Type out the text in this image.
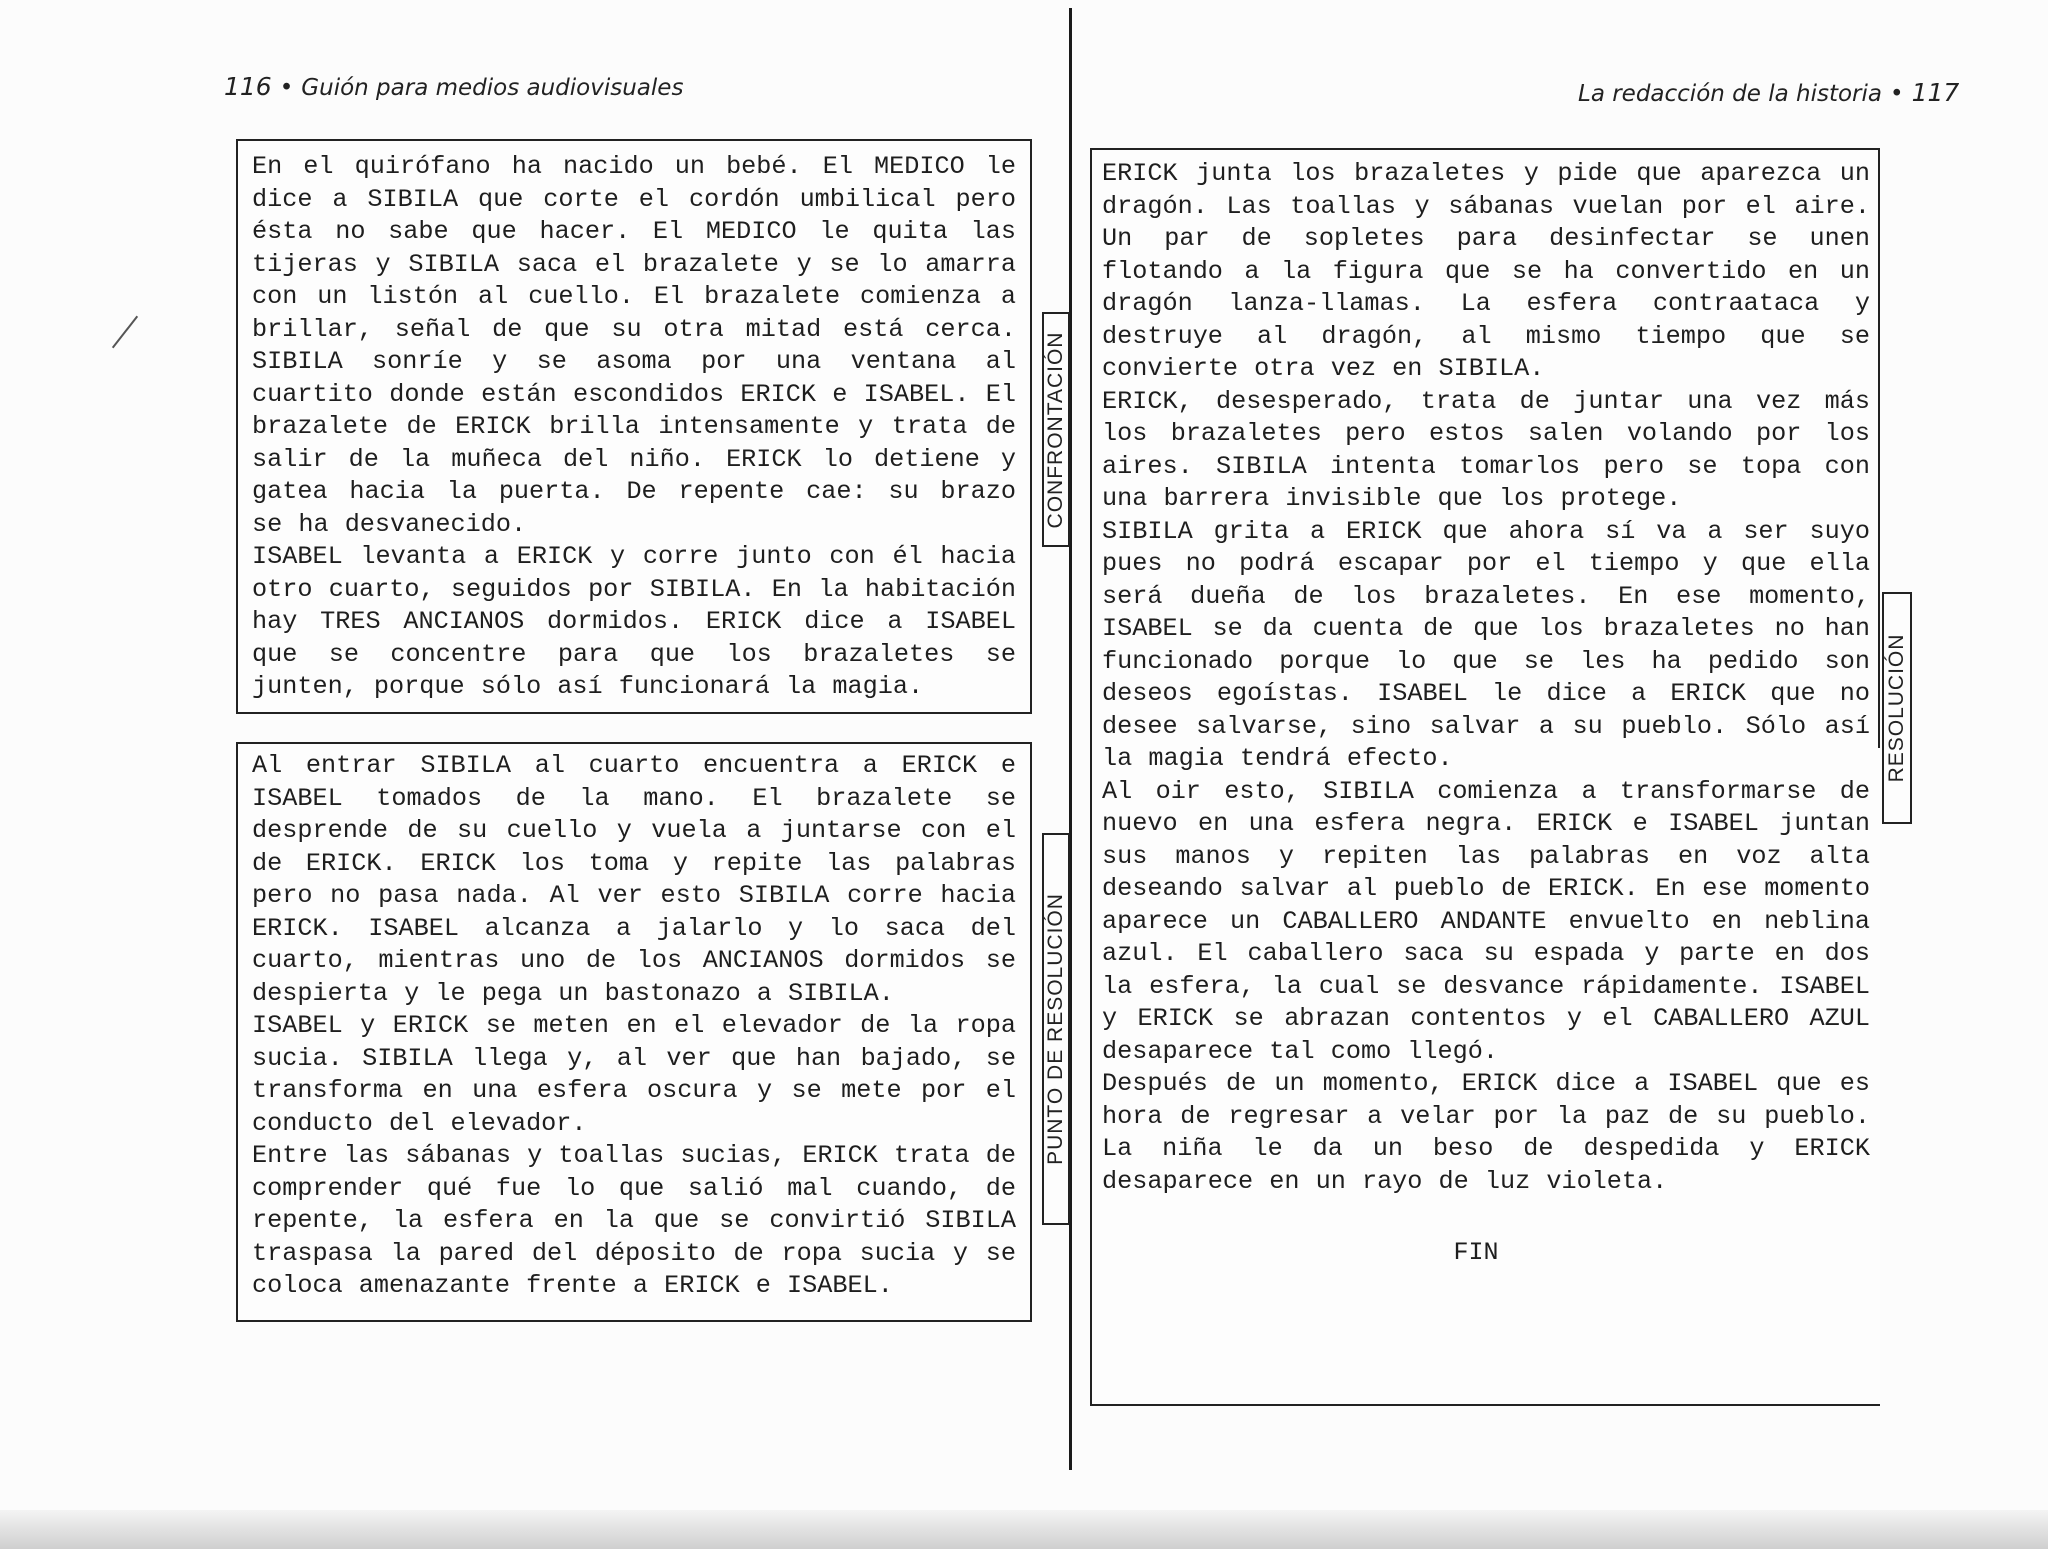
116 • Guión para medios audiovisuales	La redacción de la historia • 117

En el quirófano ha nacido un bebé. El MEDICO le dice a SIBILA que corte el cordón umbilical pero ésta no sabe que hacer. El MEDICO le quita las tijeras y SIBILA saca el brazalete y se lo amarra con un listón al cuello. El brazalete comienza a brillar, señal de que su otra mitad está cerca. SIBILA sonríe y se asoma por una ventana al cuartito donde están escondidos ERICK e ISABEL. El brazalete de ERICK brilla intensamente y trata de salir de la muñeca del niño. ERICK lo detiene y gatea hacia la puerta. De repente cae: su brazo se ha desvanecido.

ISABEL levanta a ERICK y corre junto con él hacia otro cuarto, seguidos por SIBILA. En la habitación hay TRES ANCIANOS dormidos. ERICK dice a ISABEL que se concentre para que los brazaletes se junten, porque sólo así funcionará la magia.

Al entrar SIBILA al cuarto encuentra a ERICK e ISABEL tomados de la mano. El brazalete se desprende de su cuello y vuela a juntarse con el de ERICK. ERICK los toma y repite las palabras pero no pasa nada. Al ver esto SIBILA corre hacia ERICK. ISABEL alcanza a jalarlo y lo saca del cuarto, mientras uno de los ANCIANOS dormidos se despierta y le pega un bastonazo a SIBILA.

ISABEL y ERICK se meten en el elevador de la ropa sucia. SIBILA llega y, al ver que han bajado, se transforma en una esfera oscura y se mete por el conducto del elevador.

Entre las sábanas y toallas sucias, ERICK trata de comprender qué fue lo que salió mal cuando, de repente, la esfera en la que se convirtió SIBILA traspasa la pared del déposito de ropa sucia y se coloca amenazante frente a ERICK e ISABEL.

CONFRONTACIÓN
PUNTO DE RESOLUCIÓN

ERICK junta los brazaletes y pide que aparezca un dragón. Las toallas y sábanas vuelan por el aire. Un par de sopletes para desinfectar se unen flotando a la figura que se ha convertido en un dragón lanza-llamas. La esfera contraataca y destruye al dragón, al mismo tiempo que se convierte otra vez en SIBILA.

ERICK, desesperado, trata de juntar una vez más los brazaletes pero estos salen volando por los aires. SIBILA intenta tomarlos pero se topa con una barrera invisible que los protege.

SIBILA grita a ERICK que ahora sí va a ser suyo pues no podrá escapar por el tiempo y que ella será dueña de los brazaletes. En ese momento, ISABEL se da cuenta de que los brazaletes no han funcionado porque lo que se les ha pedido son deseos egoístas. ISABEL le dice a ERICK que no desee salvarse, sino salvar a su pueblo. Sólo así la magia tendrá efecto.

Al oir esto, SIBILA comienza a transformarse de nuevo en una esfera negra. ERICK e ISABEL juntan sus manos y repiten las palabras en voz alta deseando salvar al pueblo de ERICK. En ese momento aparece un CABALLERO ANDANTE envuelto en neblina azul. El caballero saca su espada y parte en dos la esfera, la cual se desvance rápidamente. ISABEL y ERICK se abrazan contentos y el CABALLERO AZUL desaparece tal como llegó.

Después de un momento, ERICK dice a ISABEL que es hora de regresar a velar por la paz de su pueblo. La niña le da un beso de despedida y ERICK desaparece en un rayo de luz violeta.

FIN
RESOLUCIÓN
